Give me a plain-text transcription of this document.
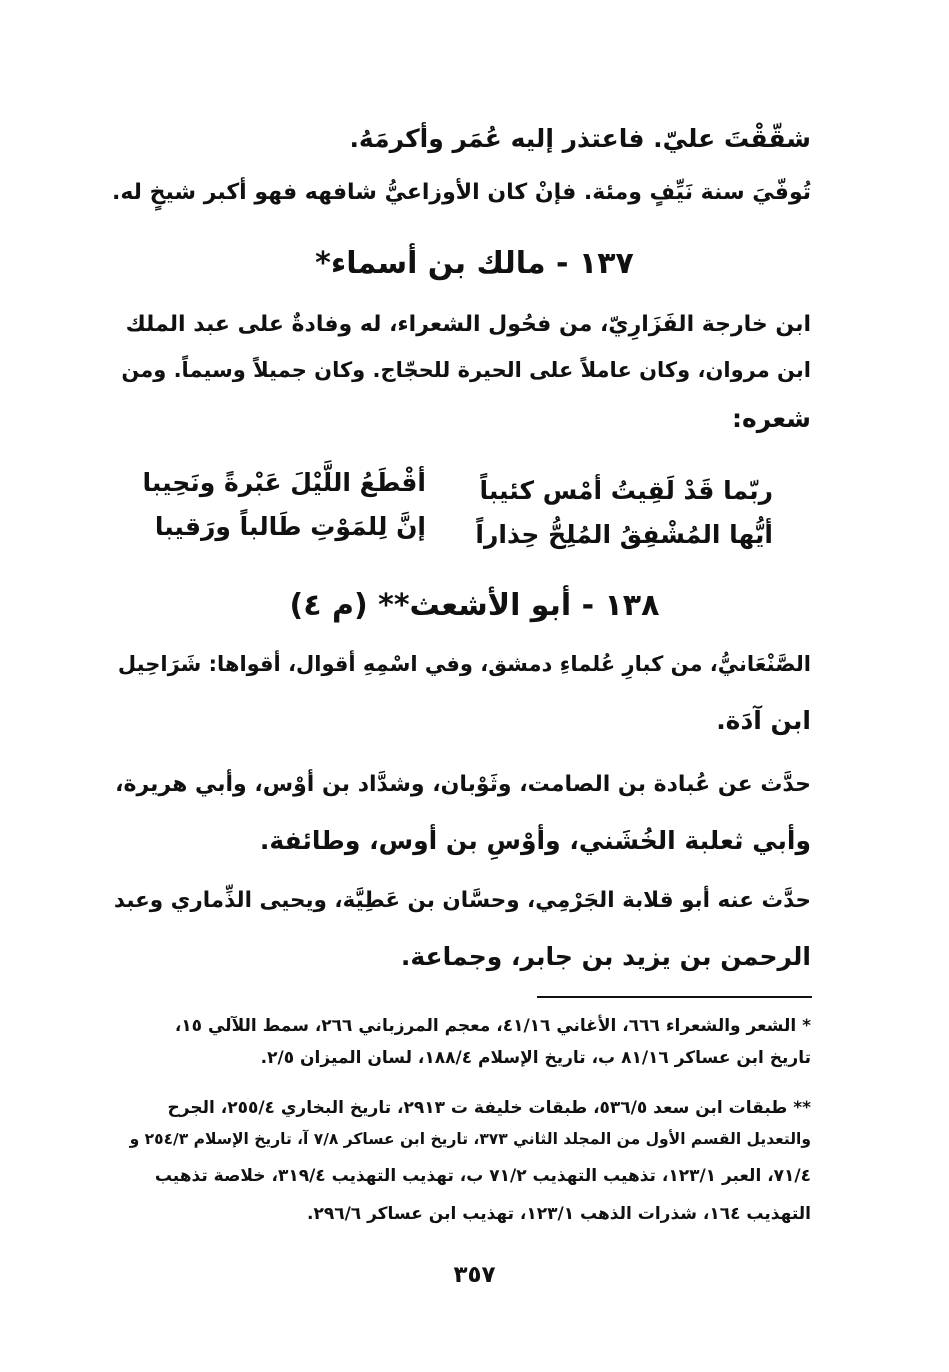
شقّقْتَ عليّ. فاعتذر إليه عُمَر وأكرمَهُ.
تُوفّيَ سنة نَيِّفٍ ومئة. فإنْ كان الأوزاعيُّ شافهه فهو أكبر شيخٍ له.
١٣٧ - مالك بن أسماء*
ابن خارجة الفَزَارِيّ، من فحُول الشعراء، له وفادةٌ على عبد الملك
ابن مروان، وكان عاملاً على الحيرة للحجّاج. وكان جميلاً وسيماً. ومن
شعره:
ربّما قَدْ لَقِيتُ أمْس كئيباً
أقْطَعُ اللَّيْلَ عَبْرةً ونَحِيبا
أيُّها المُشْفِقُ المُلِحُّ حِذاراً
إنَّ لِلمَوْتِ طَالباً ورَقيبا
١٣٨ - أبو الأشعث** (م ٤)
الصَّنْعَانيُّ، من كبارِ عُلماءِ دمشق، وفي اسْمِهِ أقوال، أقواها: شَرَاحِيل
ابن آدَة.
حدَّث عن عُبادة بن الصامت، وثَوْبان، وشدَّاد بن أوْس، وأبي هريرة،
وأبي ثعلبة الخُشَني، وأوْسِ بن أوس، وطائفة.
حدَّث عنه أبو قلابة الجَرْمِي، وحسَّان بن عَطِيَّة، ويحيى الذِّماري وعبد
الرحمن بن يزيد بن جابر، وجماعة.
* الشعر والشعراء ٦٦٦، الأغاني ٤١/١٦، معجم المرزباني ٢٦٦، سمط اللآلي ١٥،
تاريخ ابن عساكر ٨١/١٦ ب، تاريخ الإسلام ١٨٨/٤، لسان الميزان ٢/٥.
** طبقات ابن سعد ٥٣٦/٥، طبقات خليفة ت ٢٩١٣، تاريخ البخاري ٢٥٥/٤، الجرح
والتعديل القسم الأول من المجلد الثاني ٣٧٣، تاريخ ابن عساكر ٧/٨ آ، تاريخ الإسلام ٢٥٤/٣ و
٧١/٤، العبر ١٢٣/١، تذهيب التهذيب ٧١/٢ ب، تهذيب التهذيب ٣١٩/٤، خلاصة تذهيب
التهذيب ١٦٤، شذرات الذهب ١٢٣/١، تهذيب ابن عساكر ٢٩٦/٦.
٣٥٧
